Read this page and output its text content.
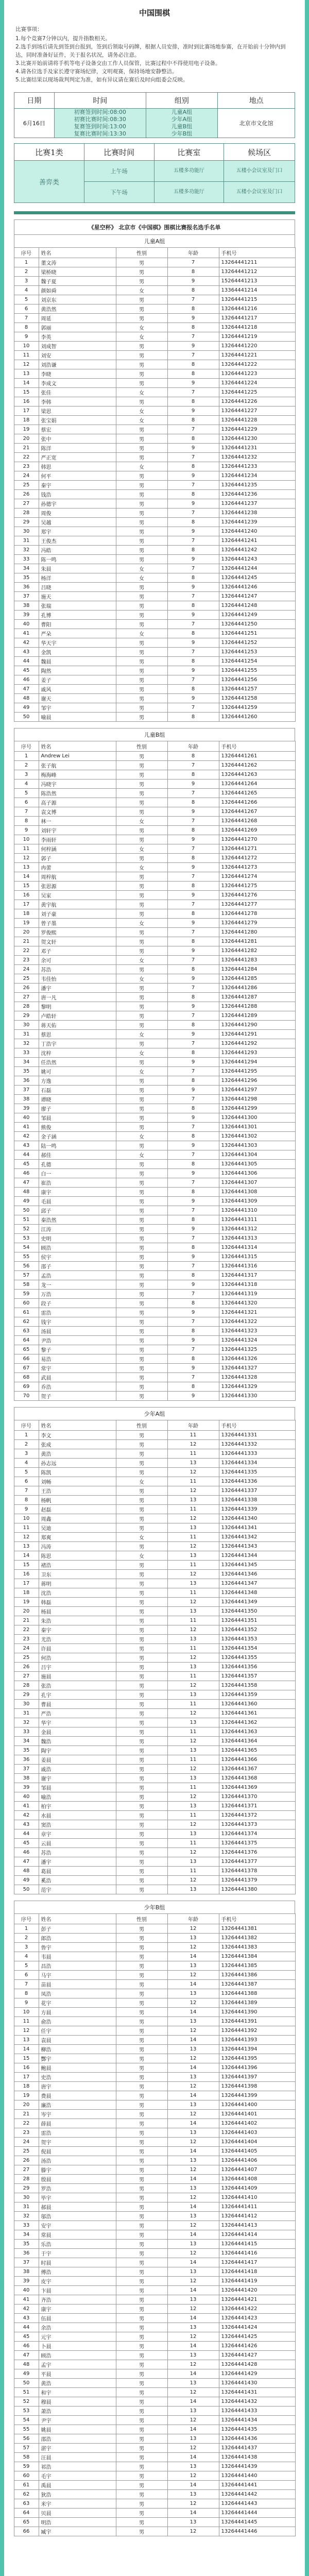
中国围棋

比赛事项：

1.每个竞赛7分钟以内，提升指数相关。

2.选手到场后请先到签到台报到，签到后领取号码牌，根据人员安排，准时到比赛场地参赛，在开始前十分钟内到达，同时准备好证件，关于报名状况，请务必注意。

3.比赛开始前请将手机等电子设备交由工作人员保管，比赛过程中不得使用电子设备。

4.请各位选手及家长遵守赛场纪律，文明观赛，保持场地安静整洁。

5.比赛结果以现场裁判判定为准，如有异议请在赛后及时向组委会反映。

日期	时间	组别	地点
6月16日	初赛签到时间:08:00
初赛比赛时间:08:30
复赛签到时间:13:00
复赛比赛时间:13:30	儿童A组
少年A组
儿童B组
少年B组	北京市文化馆
比赛1类	比赛时间	比赛室	候场区
善弈类	上午场	五楼多功能厅	五楼小会议室及门口
	下午场	五楼多功能厅	五楼小会议室及门口
《星空杯》 北京市《中国棋》围棋比赛报名选手名单
儿童A组
序号	姓名	性别	年龄	手机号
1	董文涛	男	7	13264441211
2	梁桥晓	男	8	13264441212
3	魏子夏	男	9	15264441213
4	颜如舜	女	8	13364441214
5	刘京东	男	7	13264441215
6	黄浩然	男	8	13264441216
7	周延	男	9	13264441217
8	郭丽	女	8	13264441218
9	李英	女	7	13264441219
10	刘成智	男	9	13264441220
11	刘安	男	7	13264441221
12	刘浩谦	男	8	13264441222
13	李晓	男	8	13264441223
14	李成文	男	9	13264441224
15	张佳	女	7	13264441225
16	李韩	男	8	13264441226
17	梁思	女	9	13264441227
18	张宝娟	女	8	13264441228
19	蔡宏	男	7	13264441229
20	张中	男	8	13264441230
21	陈洋	男	9	13264441231
22	严正宽	男	7	13264441232
23	韩思	女	8	13264441233
24	何平	男	9	13264441234
25	秦宇	男	7	13264441235
26	钱浩	男	8	13264441236
27	孙德宇	男	9	13264441237
28	周俊	男	7	13264441238
29	吴越	男	8	13264441239
30	郑宇	男	9	13264441240
31	王俊杰	男	7	13264441241
32	冯皓	男	8	13264441242
33	陈一鸣	男	9	13264441243
34	朱晨	女	7	13264441244
35	杨洋	女	8	13264441245
36	吕晓	男	9	13264441246
37	施天	男	7	13264441247
38	张瑞	男	8	13264441248
39	孔博	男	9	13264441249
40	曹阳	男	7	13264441250
41	严朵	女	8	13264441251
42	华天宇	男	9	13264441252
43	金凯	男	7	13264441253
44	魏晨	男	8	13264441254
45	陶然	男	9	13264441255
46	姜子	男	7	13264441256
47	戚风	男	8	13264441257
48	谢天	男	9	13264441258
49	邹宇	男	7	13264441259
50	喻晨	男	8	13264441260
儿童B组
序号	姓名	性别	年龄	手机号
1	Andrew Lei	男	8	13264441261
2	张子航	男	7	13264441262
3	梅海峰	男	8	13264441263
4	冯晓宇	男	9	13264441264
5	陈浩然	男	7	13264441265
6	高子源	男	8	13264441266
7	袁文博	男	9	13264441267
8	林一	女	7	13264441268
9	刘轩宇	男	8	13264441269
10	李雨轩	男	9	13264441270
11	何梓涵	女	7	13264441271
12	郭子	男	8	13264441272
13	冉蕾	女	9	13264441273
14	周梓航	男	7	13264441274
15	张思源	男	8	13264441275
16	吴家	男	9	13264441276
17	黄宇航	男	7	13264441277
18	刘子豪	男	8	13264441278
19	曾子墨	女	9	13264441279
20	罗俊熙	男	7	13264441280
21	贺文轩	男	8	13264441281
22	邓子	男	9	13264441282
23	余可	女	7	13264441283
24	苏浩	男	8	13264441284
25	韦佳怡	女	9	13264441285
26	潘宇	男	7	13264441286
27	唐一凡	男	8	13264441287
28	黎明	男	9	13264441288
29	卢皓轩	男	7	13264441289
30	蒋天佑	男	8	13264441290
31	蔡思	女	9	13264441291
32	丁浩宇	男	7	13264441292
33	沈梓	女	8	13264441293
34	任浩然	男	9	13264441294
35	姚可	女	7	13264441295
36	方逸	男	8	13264441296
37	石磊	男	9	13264441297
38	谭晓	男	7	13264441298
39	廖子	男	8	13264441299
40	邹晨	男	9	13264441300
41	熊俊	男	7	13264441301
42	金子涵	女	8	13264441302
43	陆一鸣	男	9	13264441303
44	郝佳	女	7	13264441304
45	孔德	男	8	13264441305
46	白一	男	9	13264441306
47	崔浩	男	7	13264441307
48	康宇	男	8	13264441308
49	毛晨	男	9	13264441309
50	邱子	男	7	13264441310
51	秦浩然	男	8	13264441311
52	江涛	男	9	13264441312
53	史明	男	7	13264441313
54	顾浩	男	8	13264441314
55	侯宇	男	9	13264441315
56	邵子	男	7	13264441316
57	孟浩	男	8	13264441317
58	龙一	男	9	13264441318
59	万浩	男	7	13264441319
60	段子	男	8	13264441320
61	雷浩	男	9	13264441321
62	钱宇	男	7	13264441322
63	汤晨	男	8	13264441323
64	尹浩	男	9	13264441324
65	黎子	男	7	13264441325
66	易浩	男	8	13264441326
67	常宇	男	9	13264441327
68	武晨	男	7	13264441328
69	乔浩	男	8	13264441329
70	贺子	男	9	13264441330
少年A组
序号	姓名	性别	年龄	手机号
1	李文	男	11	13264441331
2	张成	男	12	13264441332
3	黄浩	男	11	13264441333
4	孙志远	男	13	13264441334
5	陈凯	男	12	13264441335
6	刘畅	女	11	13264441336
7	王浩	男	12	13264441337
8	杨帆	男	13	13264441338
9	赵磊	男	11	13264441339
10	周鑫	男	12	13264441340
11	吴迪	男	13	13264441341
12	郑爽	女	11	13264441342
13	冯涛	男	12	13264441343
14	陈思	女	13	13264441344
15	褚浩	男	11	13264441345
16	卫东	男	12	13264441346
17	蒋明	男	13	13264441347
18	沈浩	男	11	13264441348
19	韩磊	男	12	13264441349
20	杨晨	男	13	13264441350
21	朱浩	男	11	13264441351
22	秦宇	男	12	13264441352
23	尤浩	男	13	13264441353
24	许晨	男	11	13264441354
25	何浩	男	12	13264441355
26	吕宇	男	13	13264441356
27	施晨	男	11	13264441357
28	张浩	男	12	13264441358
29	孔宇	男	13	13264441359
30	曹晨	男	11	13264441360
31	严浩	男	12	13264441361
32	华宇	男	13	13264441362
33	金晨	男	11	13264441363
34	魏浩	男	12	13264441364
35	陶宇	男	13	13264441365
36	姜晨	男	11	13264441366
37	戚浩	男	12	13264441367
38	谢宇	男	13	13264441368
39	邹晨	男	11	13264441369
40	喻浩	男	12	13264441370
41	柏宇	男	13	13264441371
42	水晨	男	11	13264441372
43	窦浩	男	12	13264441373
44	章宇	男	13	13264441374
45	云晨	男	11	13264441375
46	苏浩	男	12	13264441376
47	潘宇	男	13	13264441377
48	葛晨	男	11	13264441378
49	奚浩	男	12	13264441379
50	范宇	男	13	13264441380
少年B组
序号	姓名	性别	年龄	手机号
1	彭子	男	12	13264441381
2	郎浩	男	13	13264441382
3	鲁宇	男	12	13264441383
4	韦晨	男	14	13264441384
5	昌浩	男	13	13264441385
6	马宇	男	12	13264441386
7	苗晨	男	14	13264441387
8	凤浩	男	13	13264441388
9	花宇	男	12	13264441389
10	方晨	男	14	13264441390
11	俞浩	男	13	13264441391
12	任宇	男	12	13264441392
13	袁晨	男	14	13264441393
14	柳浩	男	13	13264441394
15	酆宇	男	12	13264441395
16	鲍晨	男	14	13264441396
17	史浩	男	13	13264441397
18	唐宇	男	12	13264441398
19	费晨	男	14	13264441399
20	廉浩	男	13	13264441400
21	岑宇	男	12	13264441401
22	薛晨	男	14	13264441402
23	雷浩	男	13	13264441403
24	贺宇	男	12	13264441404
25	倪晨	男	14	13264441405
26	汤浩	男	13	13264441406
27	滕宇	男	12	13264441407
28	殷晨	男	14	13264441408
29	罗浩	男	13	13264441409
30	毕宇	男	12	13264441410
31	郝晨	男	14	13264441411
32	邬浩	男	13	13264441412
33	安宇	男	12	13264441413
34	常晨	男	14	13264441414
35	乐浩	男	13	13264441415
36	于宇	男	12	13264441416
37	时晨	男	14	13264441417
38	傅浩	男	13	13264441418
39	皮宇	男	12	13264441419
40	卞晨	男	14	13264441420
41	齐浩	男	13	13264441421
42	康宇	男	12	13264441422
43	伍晨	男	14	13264441423
44	余浩	男	13	13264441424
45	元宇	男	12	13264441425
46	卜晨	男	14	13264441426
47	顾浩	男	13	13264441427
48	孟宇	男	12	13264441428
49	平晨	男	14	13264441429
50	黄浩	男	13	13264441430
51	和宇	男	12	13264441431
52	穆晨	男	14	13264441432
53	萧浩	男	13	13264441433
54	尹宇	男	12	13264441434
55	姚晨	男	14	13264441435
56	邵浩	男	13	13264441436
57	湛宇	男	12	13264441437
58	汪晨	男	14	13264441438
59	祁浩	男	13	13264441439
60	毛宇	男	12	13264441440
61	禹晨	男	14	13264441441
62	狄浩	男	13	13264441442
63	米宇	男	12	13264441443
64	贝晨	男	14	13264441444
65	明浩	男	13	13264441445
66	臧宇	男	12	13264441446
